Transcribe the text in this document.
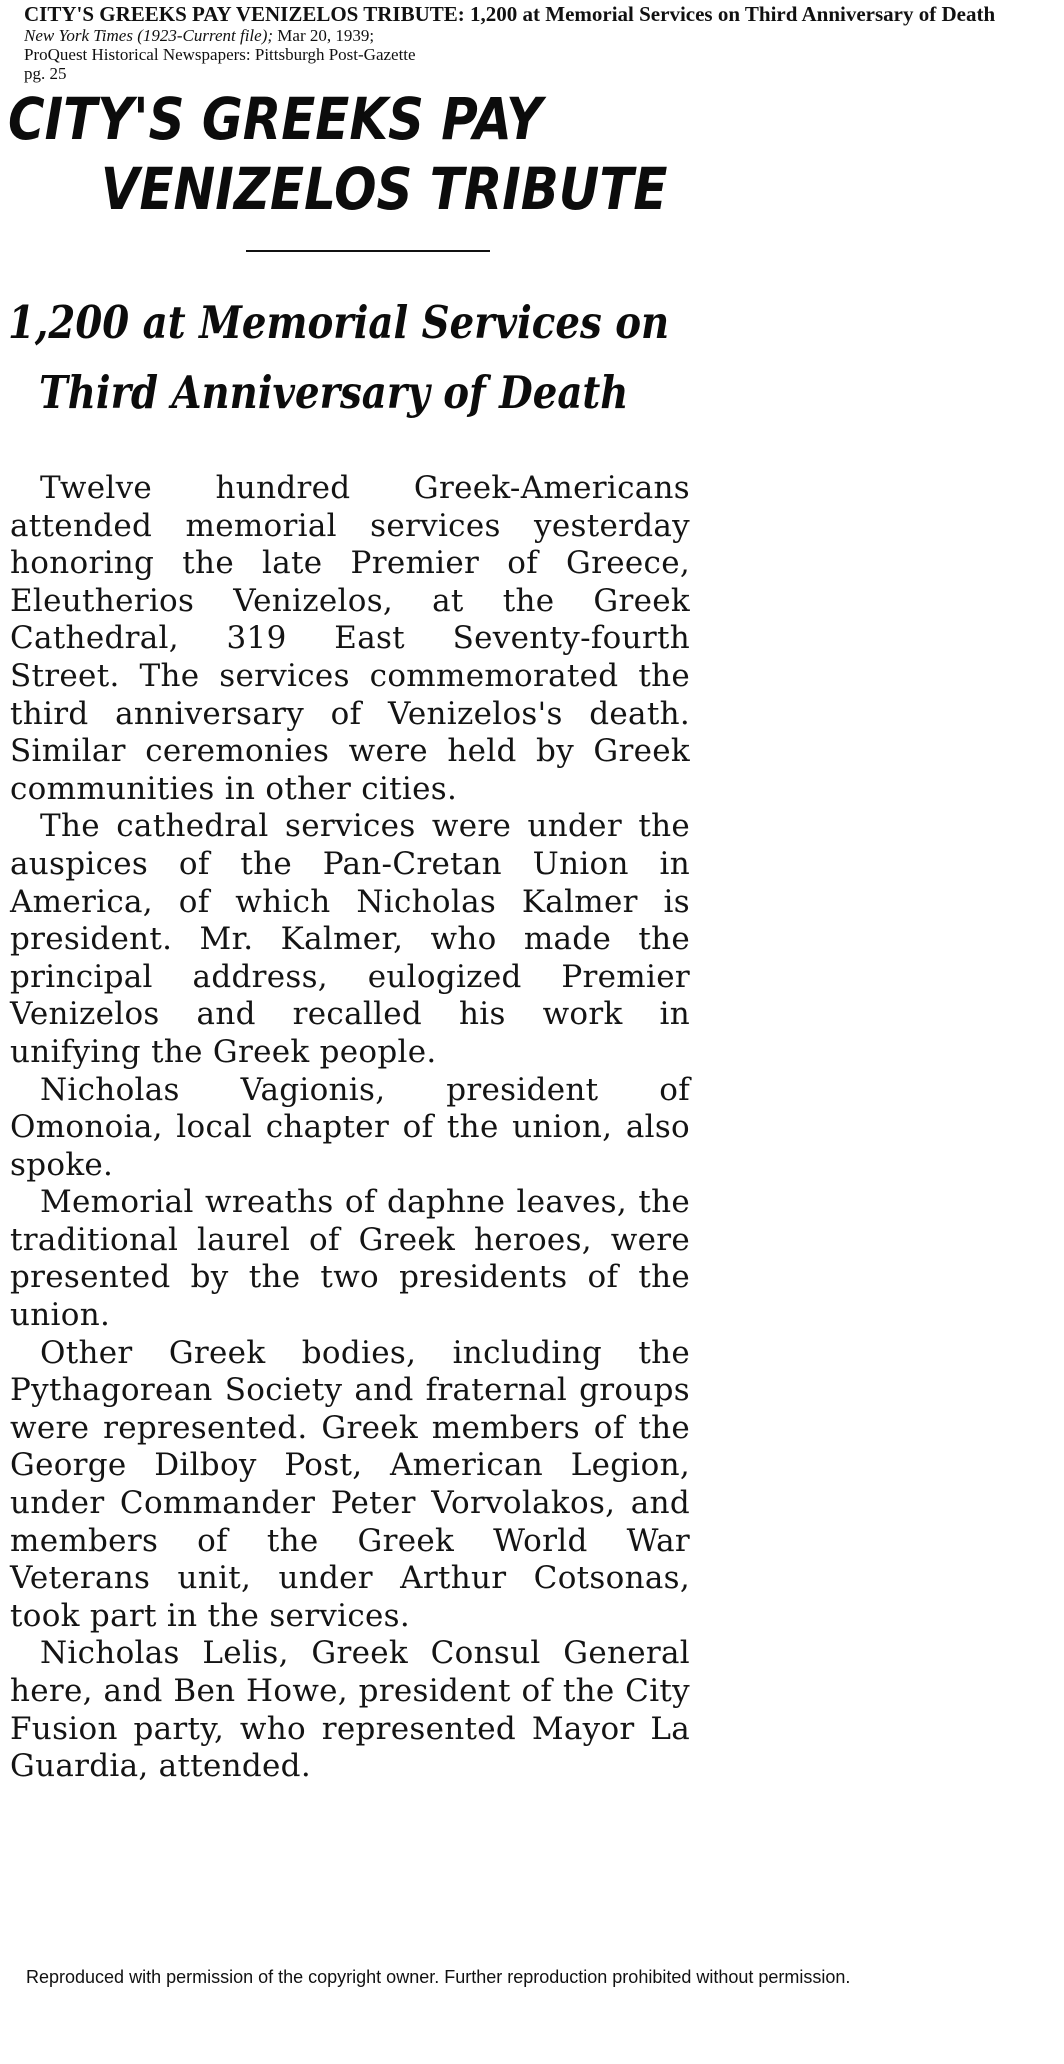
CITY'S GREEKS PAY VENIZELOS TRIBUTE: 1,200 at Memorial Services on Third Anniversary of Death
New York Times (1923-Current file); Mar 20, 1939;
ProQuest Historical Newspapers: Pittsburgh Post-Gazette
pg. 25
CITY'S GREEKS PAY
VENIZELOS TRIBUTE
1,200 at Memorial Services on
Third Anniversary of Death

Twelve hundred Greek-Americans attended memorial services yesterday honoring the late Premier of Greece, Eleutherios Venizelos, at the Greek Cathedral, 319 East Seventy-fourth Street. The services commemorated the third anniversary of Venizelos's death. Similar ceremonies were held by Greek communities in other cities.

The cathedral services were under the auspices of the Pan-Cretan Union in America, of which Nicholas Kalmer is president. Mr. Kalmer, who made the principal address, eulogized Premier Venizelos and recalled his work in unifying the Greek people.

Nicholas Vagionis, president of Omonoia, local chapter of the union, also spoke.

Memorial wreaths of daphne leaves, the traditional laurel of Greek heroes, were presented by the two presidents of the union.

Other Greek bodies, including the Pythagorean Society and fraternal groups were represented. Greek members of the George Dilboy Post, American Legion, under Commander Peter Vorvolakos, and members of the Greek World War Veterans unit, under Arthur Cotsonas, took part in the services.

Nicholas Lelis, Greek Consul General here, and Ben Howe, president of the City Fusion party, who represented Mayor La Guardia, attended.

Reproduced with permission of the copyright owner. Further reproduction prohibited without permission.
